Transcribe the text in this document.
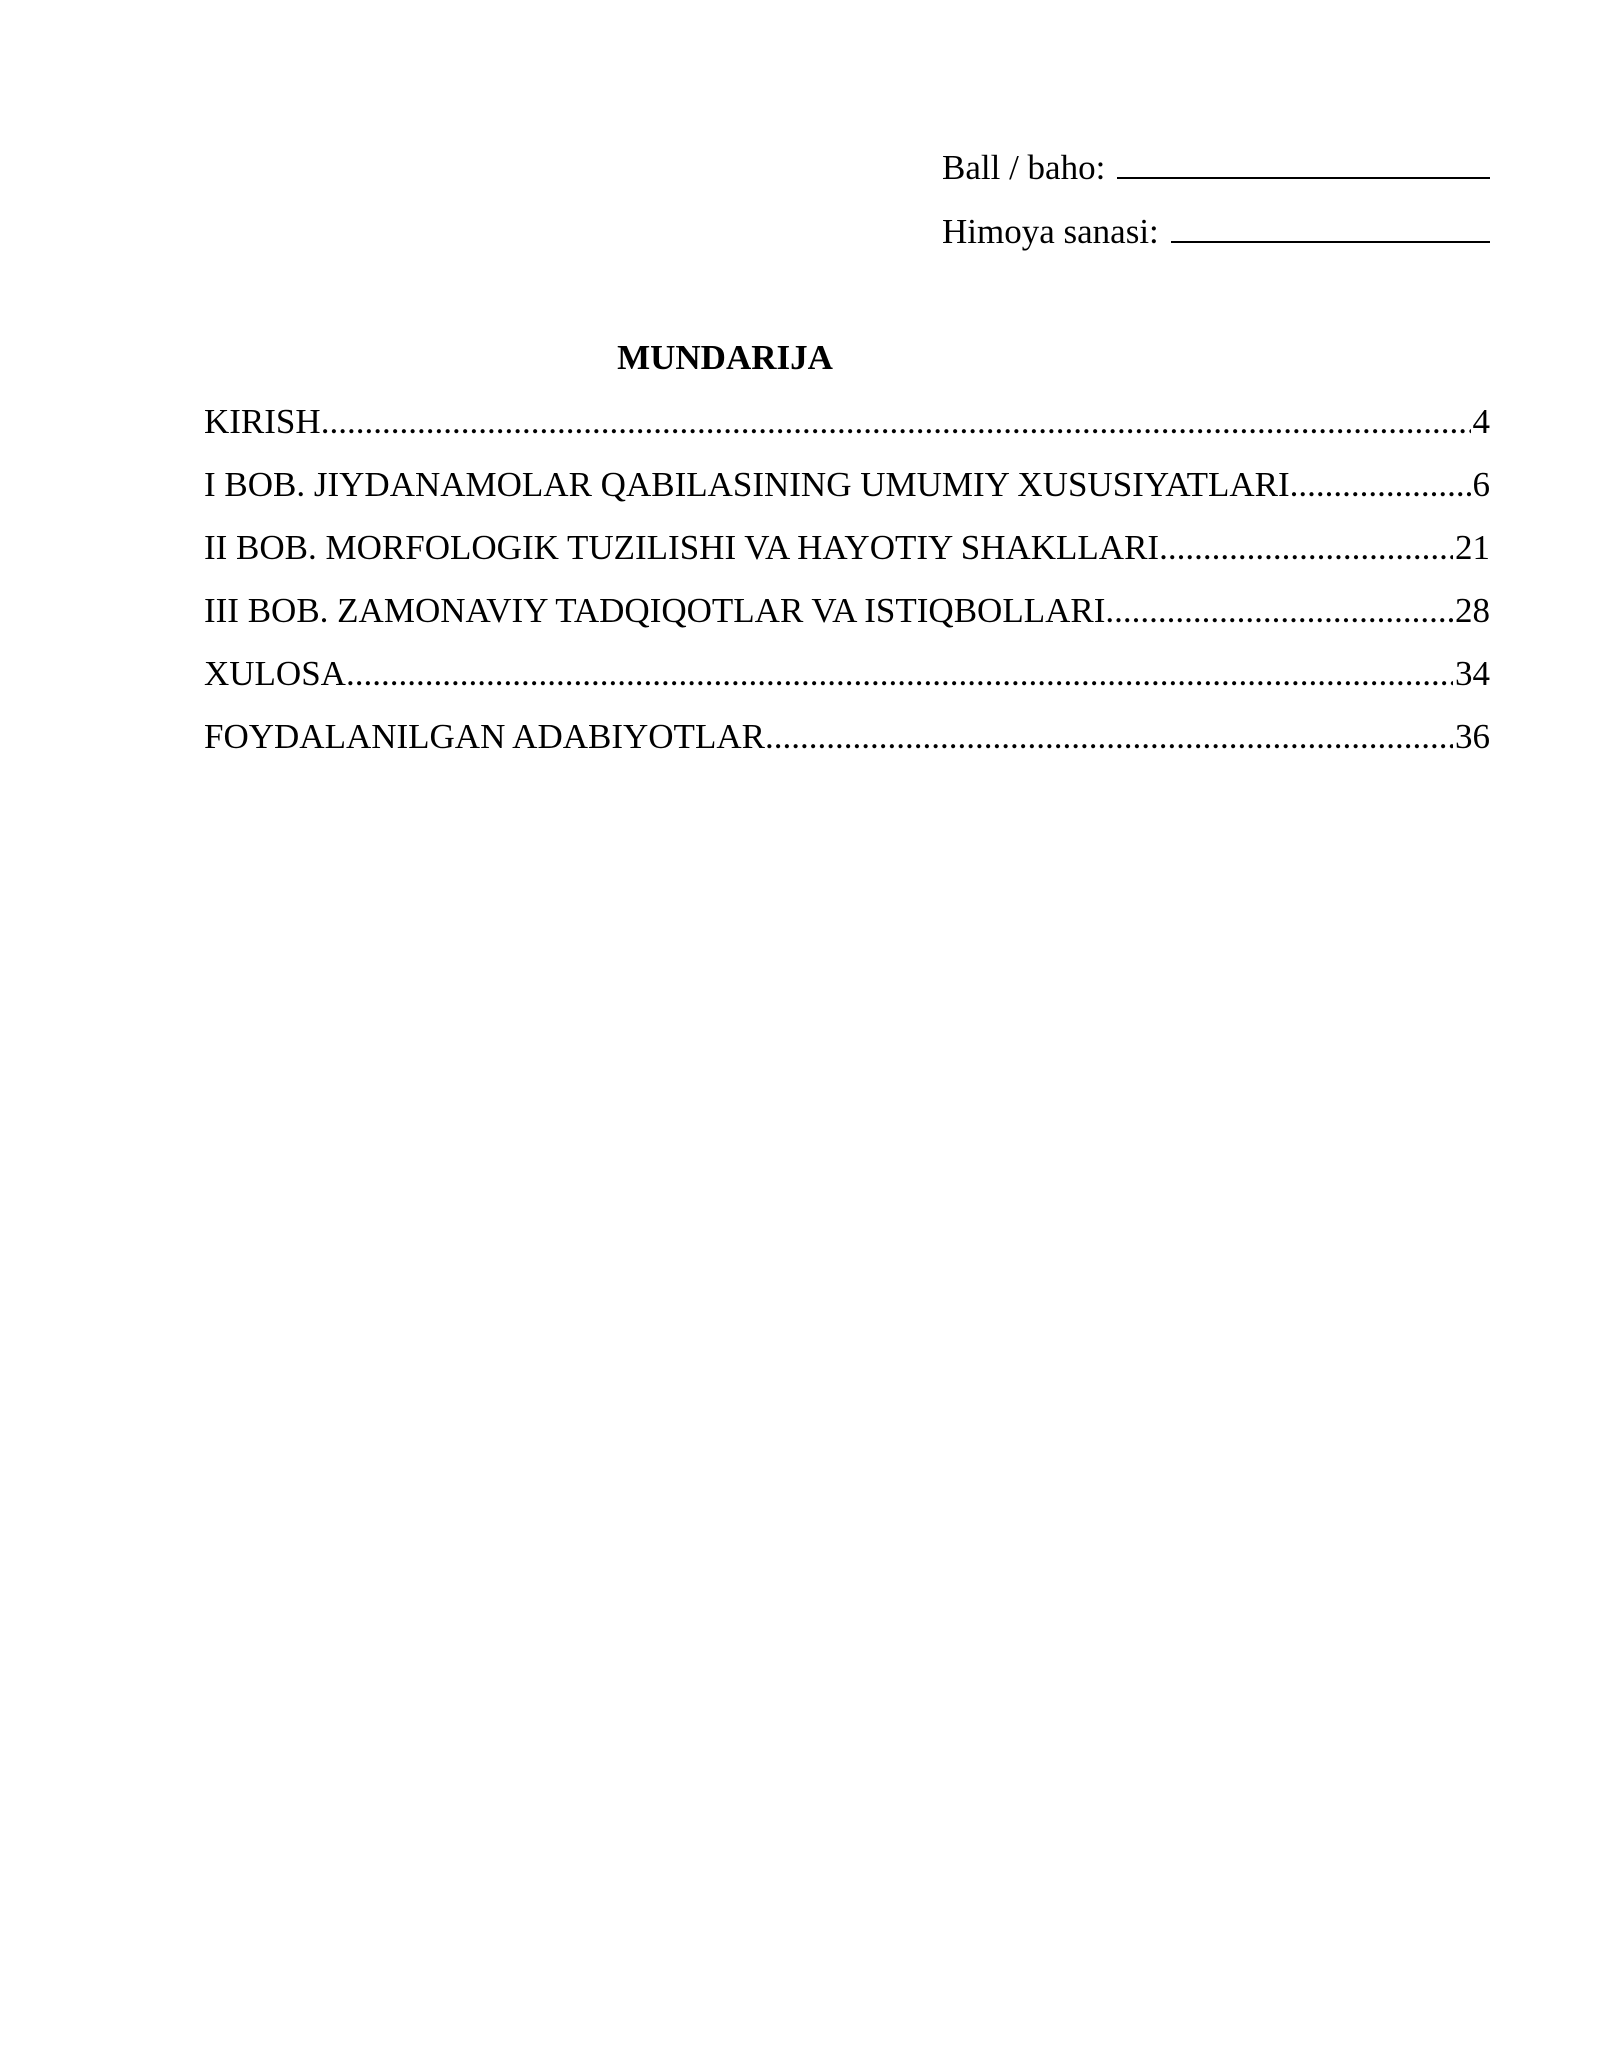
Ball / baho:
Himoya sanasi:
MUNDARIJA
KIRISH .....	4
I BOB. JIYDANAMOLAR QABILASINING UMUMIY XUSUSIYATLARI .....	6
II BOB. MORFOLOGIK TUZILISHI VA HAYOTIY SHAKLLARI .....	21
III BOB. ZAMONAVIY TADQIQOTLAR VA ISTIQBOLLARI .....	28
XULOSA .....	34
FOYDALANILGAN ADABIYOTLAR .....	36
